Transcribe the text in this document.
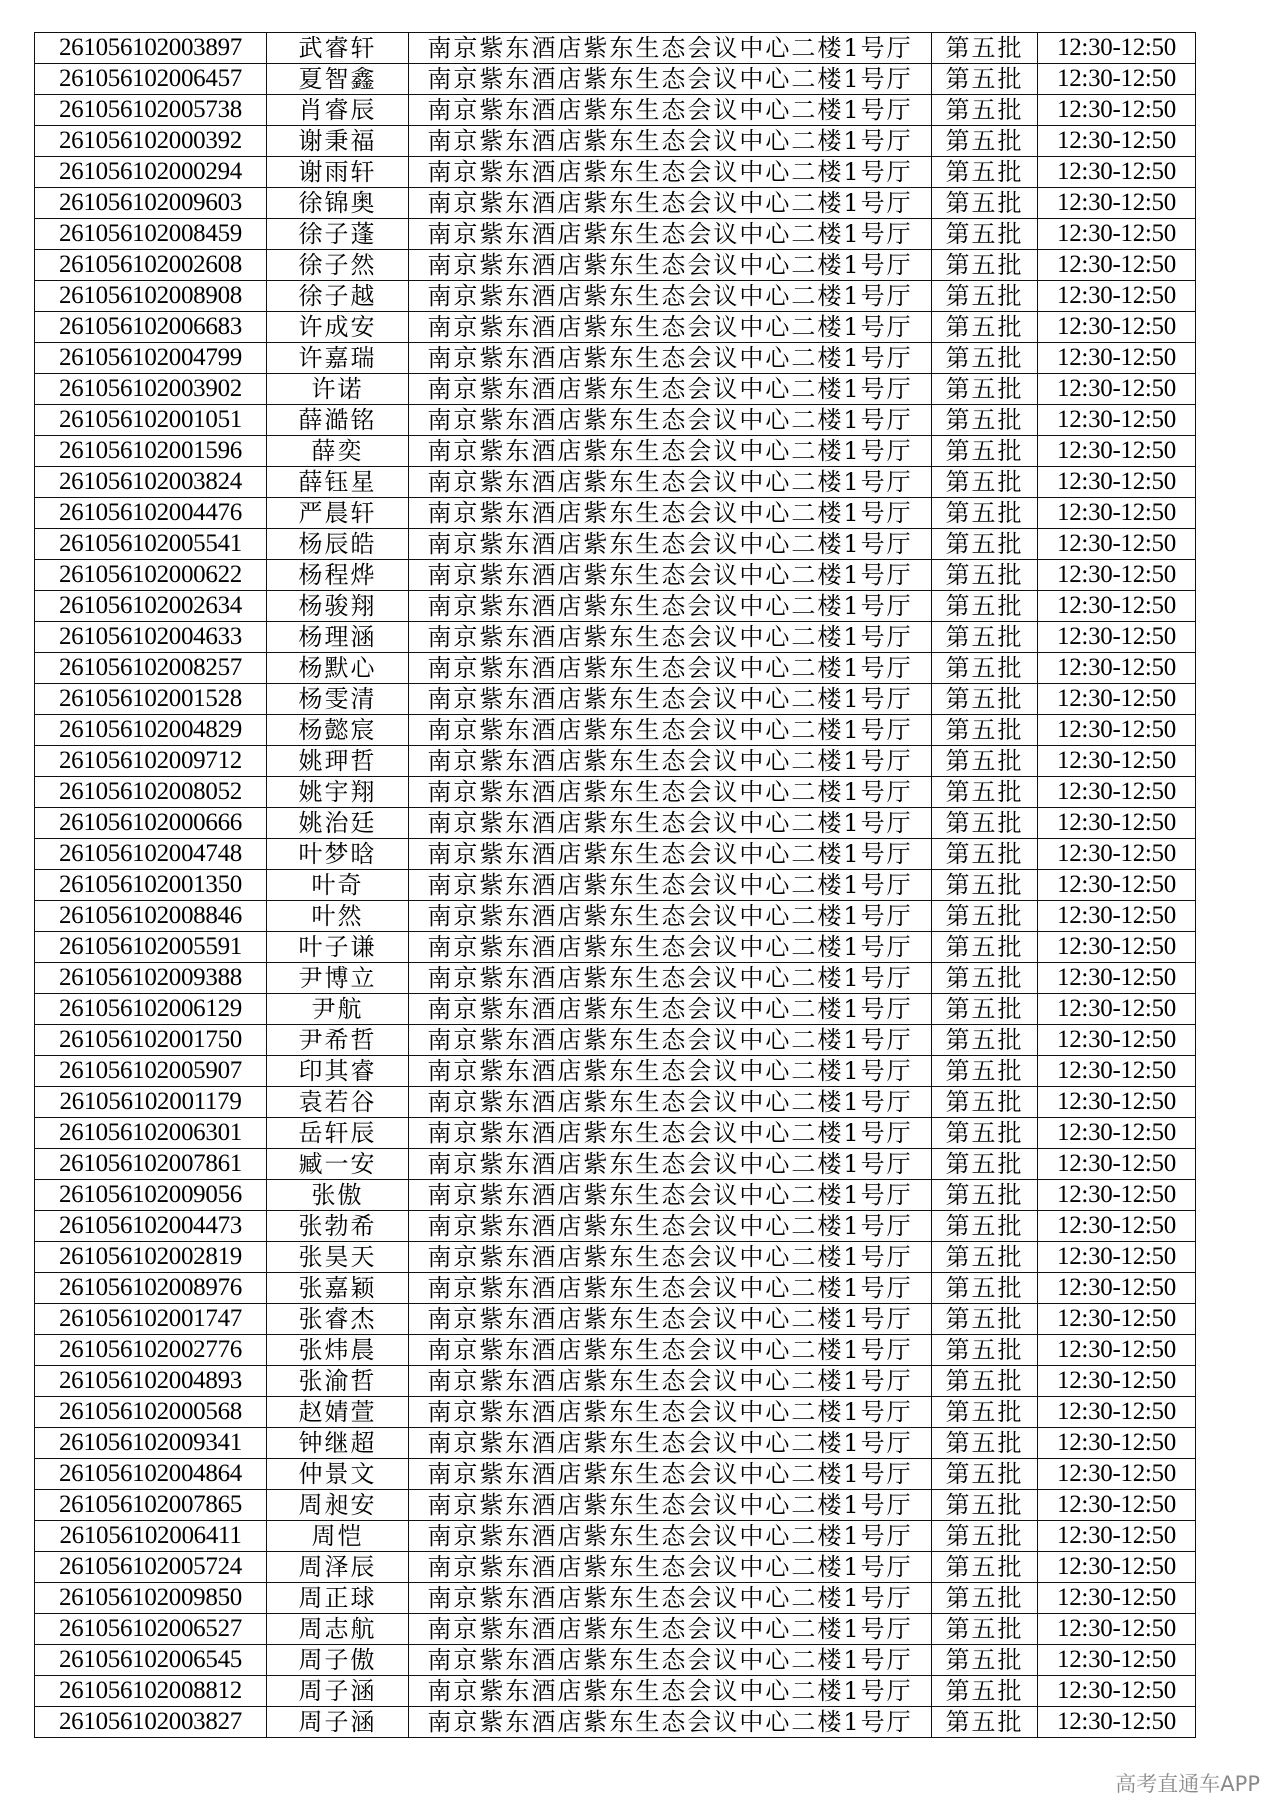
261056102003897	武睿轩	南京紫东酒店紫东生态会议中心二楼1号厅	第五批	12:30-12:50
261056102006457	夏智鑫	南京紫东酒店紫东生态会议中心二楼1号厅	第五批	12:30-12:50
261056102005738	肖睿辰	南京紫东酒店紫东生态会议中心二楼1号厅	第五批	12:30-12:50
261056102000392	谢秉福	南京紫东酒店紫东生态会议中心二楼1号厅	第五批	12:30-12:50
261056102000294	谢雨轩	南京紫东酒店紫东生态会议中心二楼1号厅	第五批	12:30-12:50
261056102009603	徐锦奥	南京紫东酒店紫东生态会议中心二楼1号厅	第五批	12:30-12:50
261056102008459	徐子蓬	南京紫东酒店紫东生态会议中心二楼1号厅	第五批	12:30-12:50
261056102002608	徐子然	南京紫东酒店紫东生态会议中心二楼1号厅	第五批	12:30-12:50
261056102008908	徐子越	南京紫东酒店紫东生态会议中心二楼1号厅	第五批	12:30-12:50
261056102006683	许成安	南京紫东酒店紫东生态会议中心二楼1号厅	第五批	12:30-12:50
261056102004799	许嘉瑞	南京紫东酒店紫东生态会议中心二楼1号厅	第五批	12:30-12:50
261056102003902	许诺	南京紫东酒店紫东生态会议中心二楼1号厅	第五批	12:30-12:50
261056102001051	薛澔铭	南京紫东酒店紫东生态会议中心二楼1号厅	第五批	12:30-12:50
261056102001596	薛奕	南京紫东酒店紫东生态会议中心二楼1号厅	第五批	12:30-12:50
261056102003824	薛钰星	南京紫东酒店紫东生态会议中心二楼1号厅	第五批	12:30-12:50
261056102004476	严晨轩	南京紫东酒店紫东生态会议中心二楼1号厅	第五批	12:30-12:50
261056102005541	杨辰皓	南京紫东酒店紫东生态会议中心二楼1号厅	第五批	12:30-12:50
261056102000622	杨程烨	南京紫东酒店紫东生态会议中心二楼1号厅	第五批	12:30-12:50
261056102002634	杨骏翔	南京紫东酒店紫东生态会议中心二楼1号厅	第五批	12:30-12:50
261056102004633	杨理涵	南京紫东酒店紫东生态会议中心二楼1号厅	第五批	12:30-12:50
261056102008257	杨默心	南京紫东酒店紫东生态会议中心二楼1号厅	第五批	12:30-12:50
261056102001528	杨雯清	南京紫东酒店紫东生态会议中心二楼1号厅	第五批	12:30-12:50
261056102004829	杨懿宸	南京紫东酒店紫东生态会议中心二楼1号厅	第五批	12:30-12:50
261056102009712	姚玾哲	南京紫东酒店紫东生态会议中心二楼1号厅	第五批	12:30-12:50
261056102008052	姚宇翔	南京紫东酒店紫东生态会议中心二楼1号厅	第五批	12:30-12:50
261056102000666	姚治廷	南京紫东酒店紫东生态会议中心二楼1号厅	第五批	12:30-12:50
261056102004748	叶梦晗	南京紫东酒店紫东生态会议中心二楼1号厅	第五批	12:30-12:50
261056102001350	叶奇	南京紫东酒店紫东生态会议中心二楼1号厅	第五批	12:30-12:50
261056102008846	叶然	南京紫东酒店紫东生态会议中心二楼1号厅	第五批	12:30-12:50
261056102005591	叶子谦	南京紫东酒店紫东生态会议中心二楼1号厅	第五批	12:30-12:50
261056102009388	尹博立	南京紫东酒店紫东生态会议中心二楼1号厅	第五批	12:30-12:50
261056102006129	尹航	南京紫东酒店紫东生态会议中心二楼1号厅	第五批	12:30-12:50
261056102001750	尹希哲	南京紫东酒店紫东生态会议中心二楼1号厅	第五批	12:30-12:50
261056102005907	印其睿	南京紫东酒店紫东生态会议中心二楼1号厅	第五批	12:30-12:50
261056102001179	袁若谷	南京紫东酒店紫东生态会议中心二楼1号厅	第五批	12:30-12:50
261056102006301	岳轩辰	南京紫东酒店紫东生态会议中心二楼1号厅	第五批	12:30-12:50
261056102007861	臧一安	南京紫东酒店紫东生态会议中心二楼1号厅	第五批	12:30-12:50
261056102009056	张傲	南京紫东酒店紫东生态会议中心二楼1号厅	第五批	12:30-12:50
261056102004473	张勃希	南京紫东酒店紫东生态会议中心二楼1号厅	第五批	12:30-12:50
261056102002819	张昊天	南京紫东酒店紫东生态会议中心二楼1号厅	第五批	12:30-12:50
261056102008976	张嘉颖	南京紫东酒店紫东生态会议中心二楼1号厅	第五批	12:30-12:50
261056102001747	张睿杰	南京紫东酒店紫东生态会议中心二楼1号厅	第五批	12:30-12:50
261056102002776	张炜晨	南京紫东酒店紫东生态会议中心二楼1号厅	第五批	12:30-12:50
261056102004893	张渝哲	南京紫东酒店紫东生态会议中心二楼1号厅	第五批	12:30-12:50
261056102000568	赵婧萱	南京紫东酒店紫东生态会议中心二楼1号厅	第五批	12:30-12:50
261056102009341	钟继超	南京紫东酒店紫东生态会议中心二楼1号厅	第五批	12:30-12:50
261056102004864	仲景文	南京紫东酒店紫东生态会议中心二楼1号厅	第五批	12:30-12:50
261056102007865	周昶安	南京紫东酒店紫东生态会议中心二楼1号厅	第五批	12:30-12:50
261056102006411	周恺	南京紫东酒店紫东生态会议中心二楼1号厅	第五批	12:30-12:50
261056102005724	周泽辰	南京紫东酒店紫东生态会议中心二楼1号厅	第五批	12:30-12:50
261056102009850	周正球	南京紫东酒店紫东生态会议中心二楼1号厅	第五批	12:30-12:50
261056102006527	周志航	南京紫东酒店紫东生态会议中心二楼1号厅	第五批	12:30-12:50
261056102006545	周子傲	南京紫东酒店紫东生态会议中心二楼1号厅	第五批	12:30-12:50
261056102008812	周子涵	南京紫东酒店紫东生态会议中心二楼1号厅	第五批	12:30-12:50
261056102003827	周子涵	南京紫东酒店紫东生态会议中心二楼1号厅	第五批	12:30-12:50
高考直通车APP
